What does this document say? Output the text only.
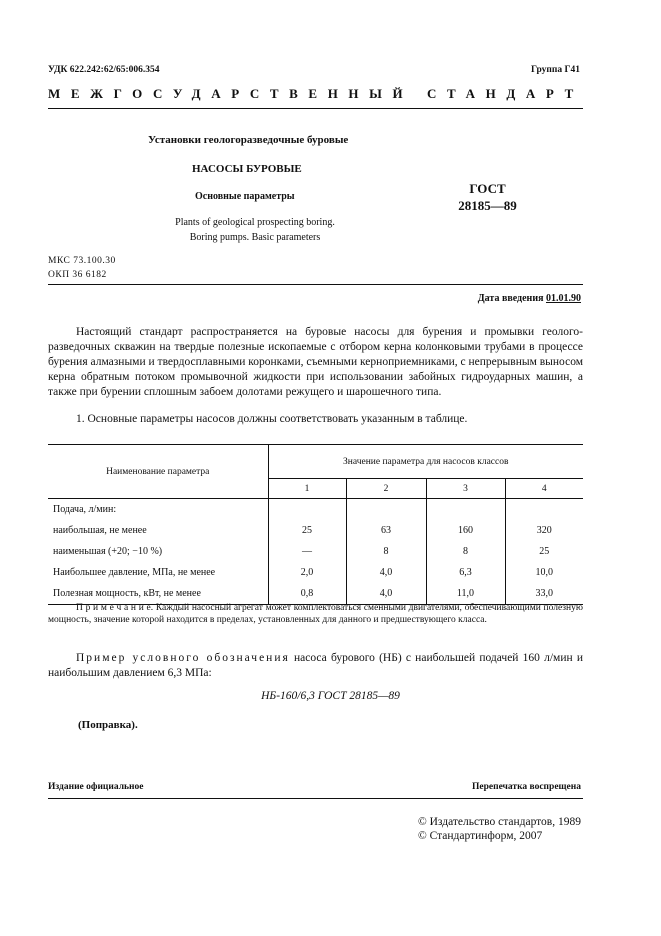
УДК 622.242:62/65:006.354	Группа Г41
МЕЖГОСУДАРСТВЕННЫЙ СТАНДАРТ
Установки геологоразведочные буровые
НАСОСЫ БУРОВЫЕ
Основные параметры
ГОСТ
28185—89
Plants of geological prospecting boring.
Boring pumps. Basic parameters
МКС 73.100.30
ОКП 36 6182
Дата введения 01.01.90

Настоящий стандарт распространяется на буровые насосы для бурения и промывки геолого-разведочных скважин на твердые полезные ископаемые с отбором керна колонковыми трубами в процессе бурения алмазными и твердосплавными коронками, съемными керноприемниками, с непрерывным выносом керна обратным потоком промывочной жидкости при использовании забойных гидроударных машин, а также при бурении сплошным забоем долотами режущего и шарошечного типа.

1. Основные параметры насосов должны соответствовать указанным в таблице.
Наименование параметра	Значение параметра для насосов классов			
	1	2	3	4
Подача, л/мин:				
наибольшая, не менее	25	63	160	320
наименьшая (+20; −10 %)	—	8	8	25
Наибольшее давление, МПа, не менее	2,0	4,0	6,3	10,0
Полезная мощность, кВт, не менее	0,8	4,0	11,0	33,0

П р и м е ч а н и е. Каждый насосный агрегат может комплектоваться сменными двигателями, обеспечивающими полезную мощность, значение которой находится в пределах, установленных для данного и предшествующего класса.

Пример условного обозначения насоса бурового (НБ) с наибольшей подачей 160 л/мин и наибольшим давлением 6,3 МПа:

НБ-160/6,3 ГОСТ 28185—89
(Поправка).
Издание официальное	Перепечатка воспрещена
© Издательство стандартов, 1989
© Стандартинформ, 2007
